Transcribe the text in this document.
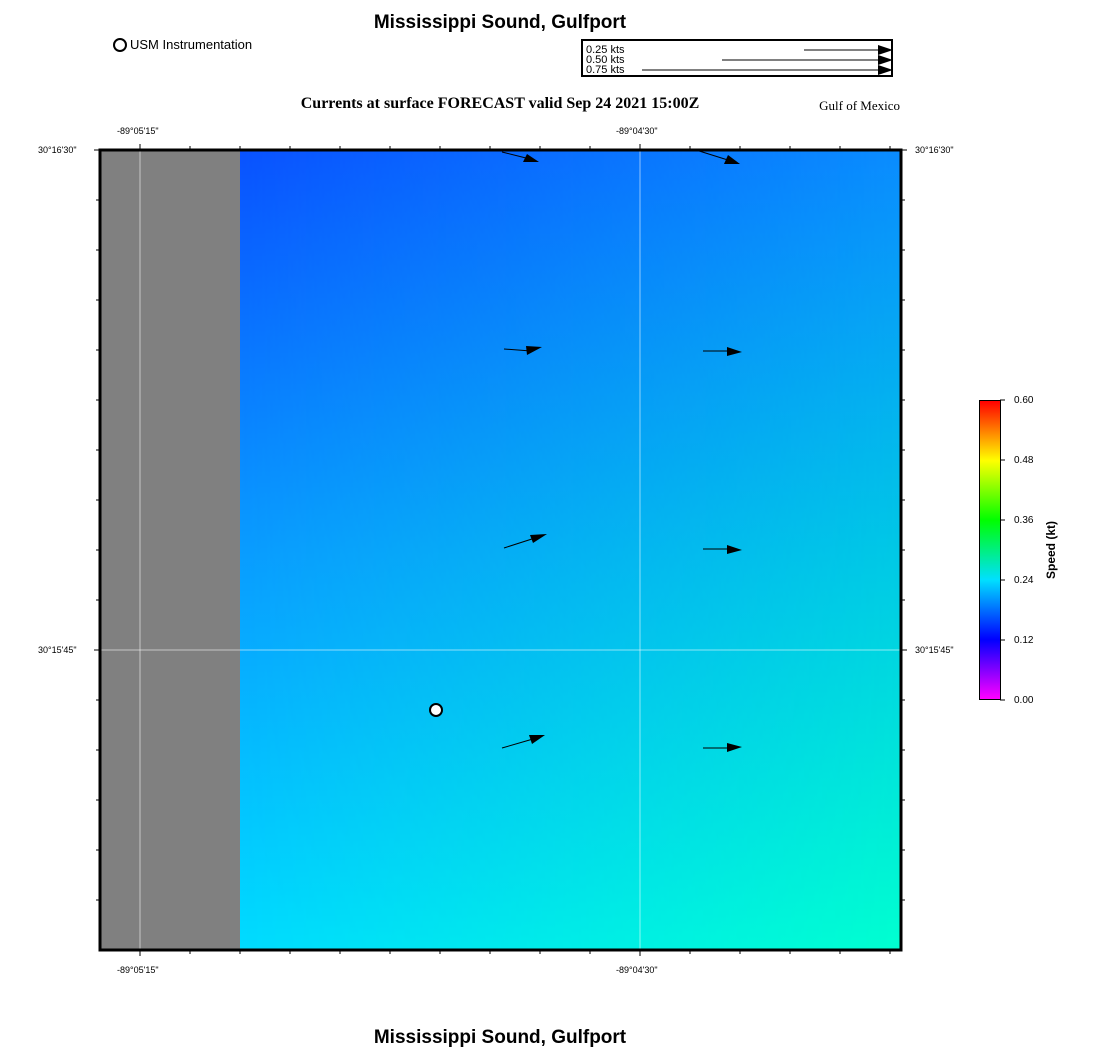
Mississippi Sound, Gulfport
USM Instrumentation	0.25 kts
0.50 kts
0.75 kts
Currents at surface FORECAST valid Sep 24 2021 15:00Z	Gulf of Mexico
-89°05'15"	-89°04'30"
-89°05'15"	-89°04'30"
30°16'30"
30°15'45"
30°16'30"
30°15'45"
0.60
0.48
0.36
0.24
0.12
0.00
Speed (kt)
Mississippi Sound, Gulfport
